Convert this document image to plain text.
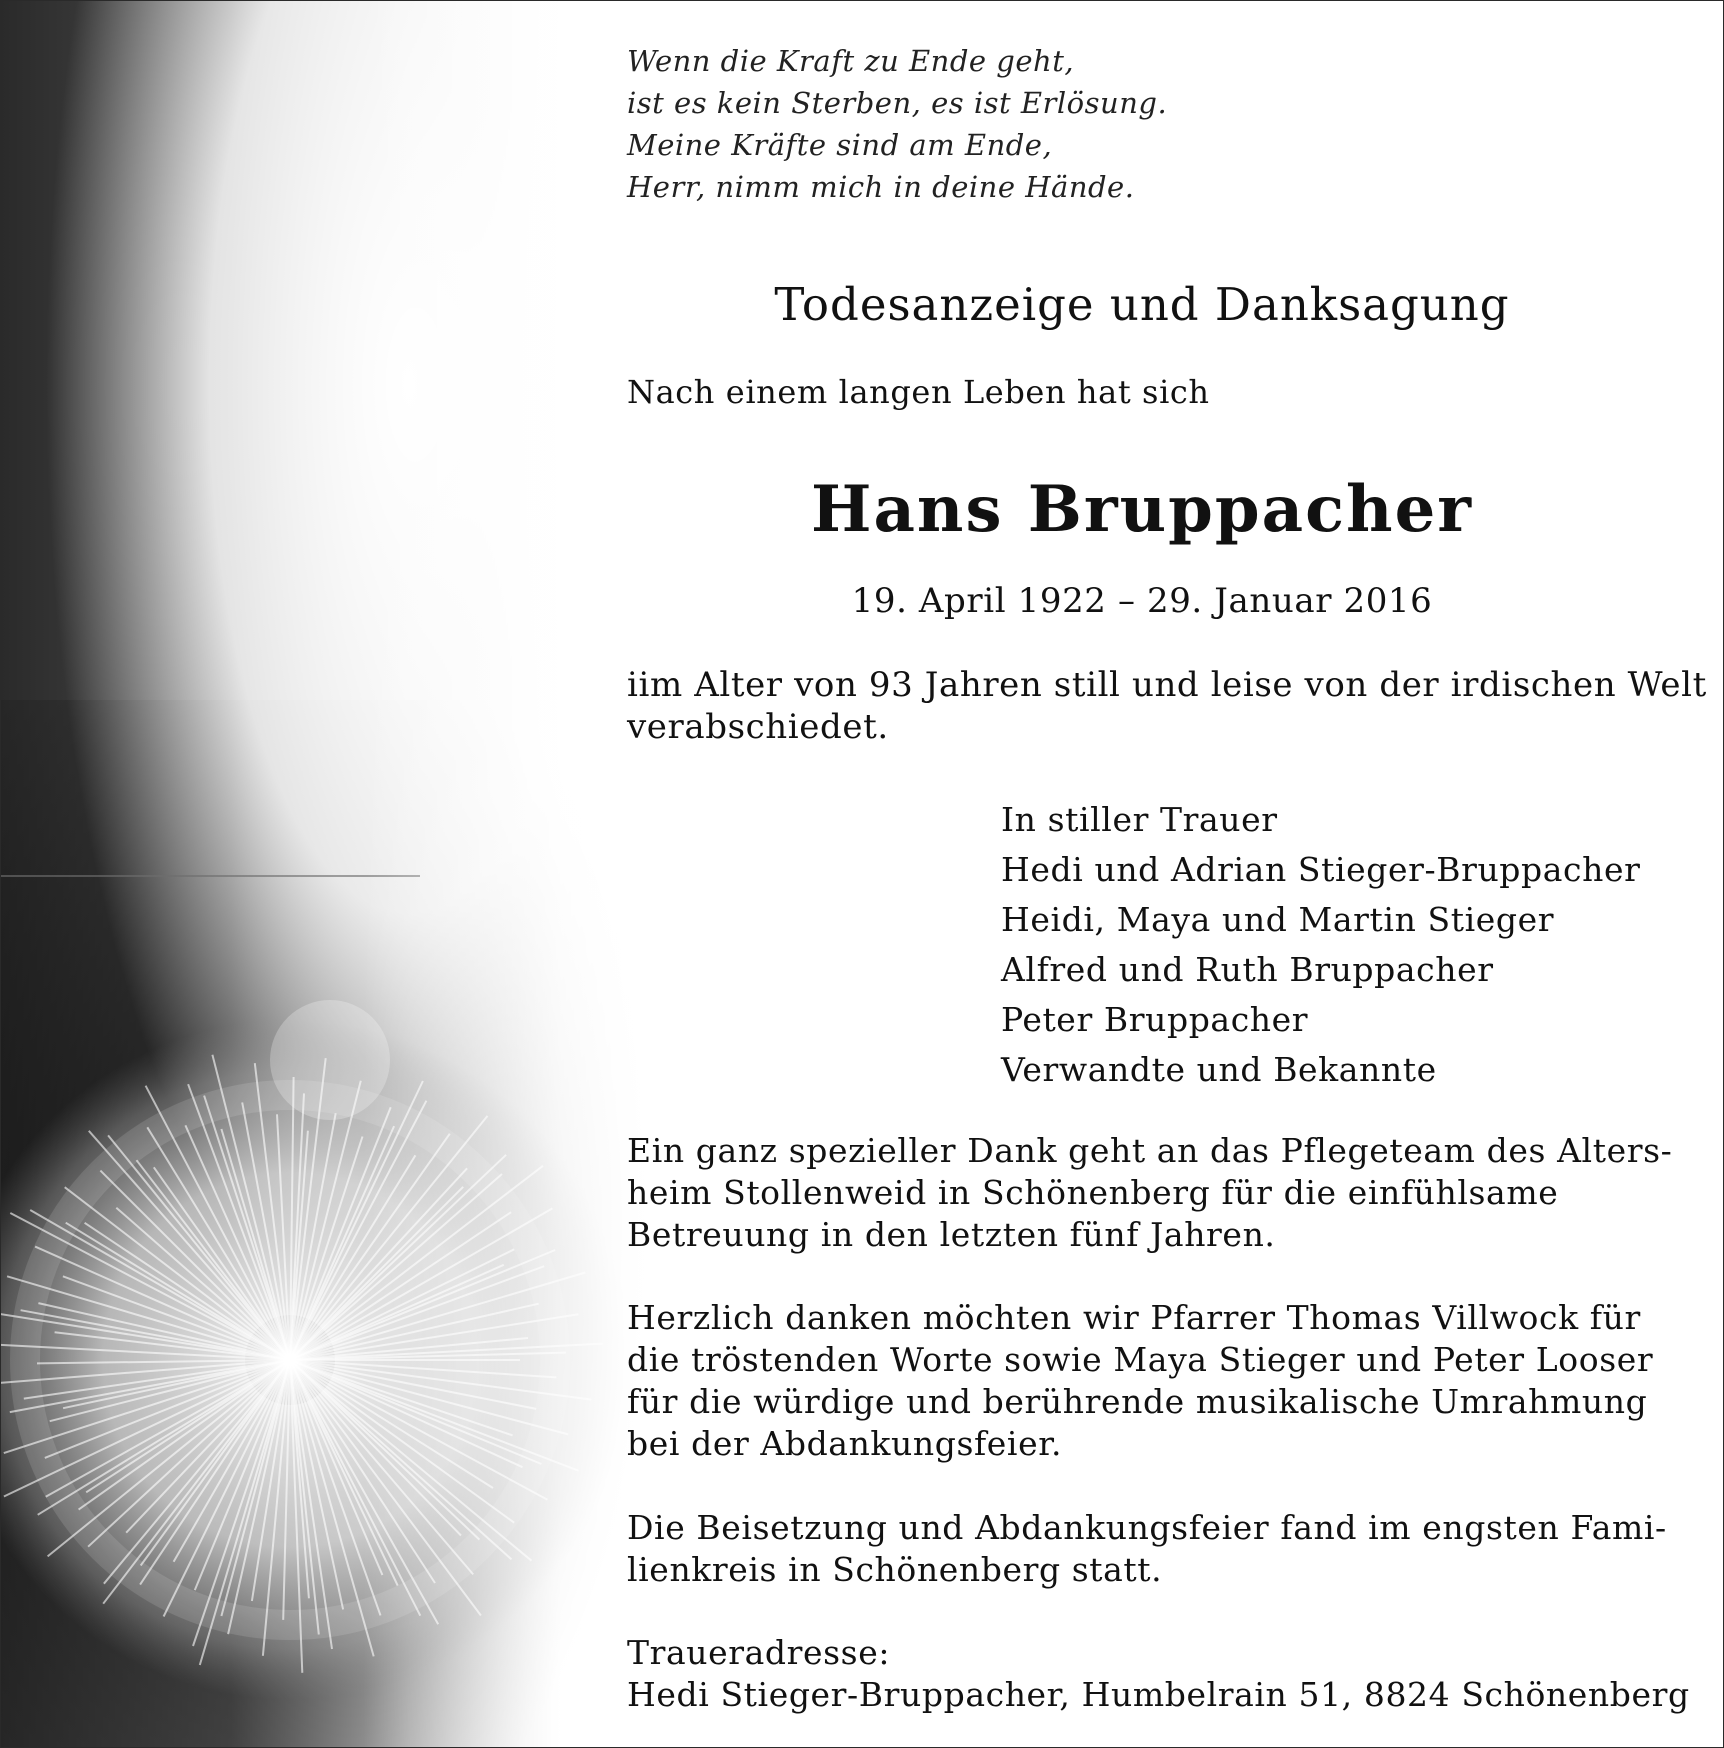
Wenn die Kraft zu Ende geht,
ist es kein Sterben, es ist Erlösung.
Meine Kräfte sind am Ende,
Herr, nimm mich in deine Hände.
Todesanzeige und Danksagung
Nach einem langen Leben hat sich
Hans Bruppacher
19. April 1922 – 29. Januar 2016
iim Alter von 93 Jahren still und leise von der irdischen Welt
verabschiedet.
In stiller Trauer
Hedi und Adrian Stieger-Bruppacher
Heidi, Maya und Martin Stieger
Alfred und Ruth Bruppacher
Peter Bruppacher
Verwandte und Bekannte
Ein ganz spezieller Dank geht an das Pflegeteam des Alters-
heim Stollenweid in Schönenberg für die einfühlsame
Betreuung in den letzten fünf Jahren.
Herzlich danken möchten wir Pfarrer Thomas Villwock für
die tröstenden Worte sowie Maya Stieger und Peter Looser
für die würdige und berührende musikalische Umrahmung
bei der Abdankungsfeier.
Die Beisetzung und Abdankungsfeier fand im engsten Fami-
lienkreis in Schönenberg statt.
Traueradresse:
Hedi Stieger-Bruppacher, Humbelrain 51, 8824 Schönenberg
